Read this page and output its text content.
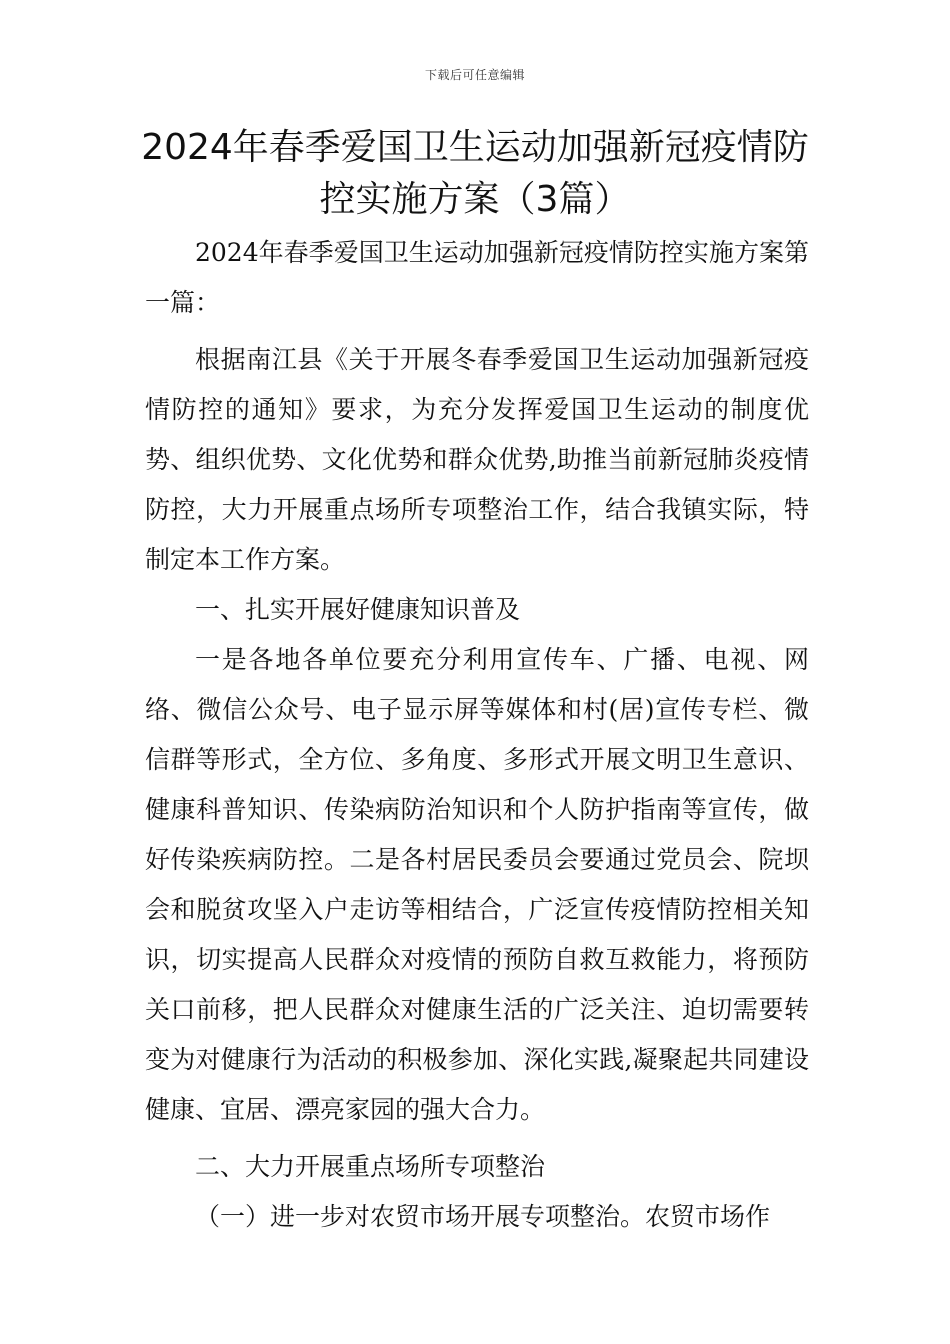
下载后可任意编辑
2024年春季爱国卫生运动加强新冠疫情防
控实施方案（3篇）

2024年春季爱国卫生运动加强新冠疫情防控实施方案第一篇：

根据南江县《关于开展冬春季爱国卫生运动加强新冠疫情防控的通知》要求，为充分发挥爱国卫生运动的制度优势、组织优势、文化优势和群众优势,助推当前新冠肺炎疫情防控，大力开展重点场所专项整治工作，结合我镇实际，特制定本工作方案。

一、扎实开展好健康知识普及

一是各地各单位要充分利用宣传车、广播、电视、网络、微信公众号、电子显示屏等媒体和村(居)宣传专栏、微信群等形式，全方位、多角度、多形式开展文明卫生意识、健康科普知识、传染病防治知识和个人防护指南等宣传，做好传染疾病防控。二是各村居民委员会要通过党员会、院坝会和脱贫攻坚入户走访等相结合，广泛宣传疫情防控相关知识，切实提高人民群众对疫情的预防自救互救能力，将预防关口前移，把人民群众对健康生活的广泛关注、迫切需要转变为对健康行为活动的积极参加、深化实践,凝聚起共同建设健康、宜居、漂亮家园的强大合力。

二、大力开展重点场所专项整治

（一）进一步对农贸市场开展专项整治。农贸市场作
